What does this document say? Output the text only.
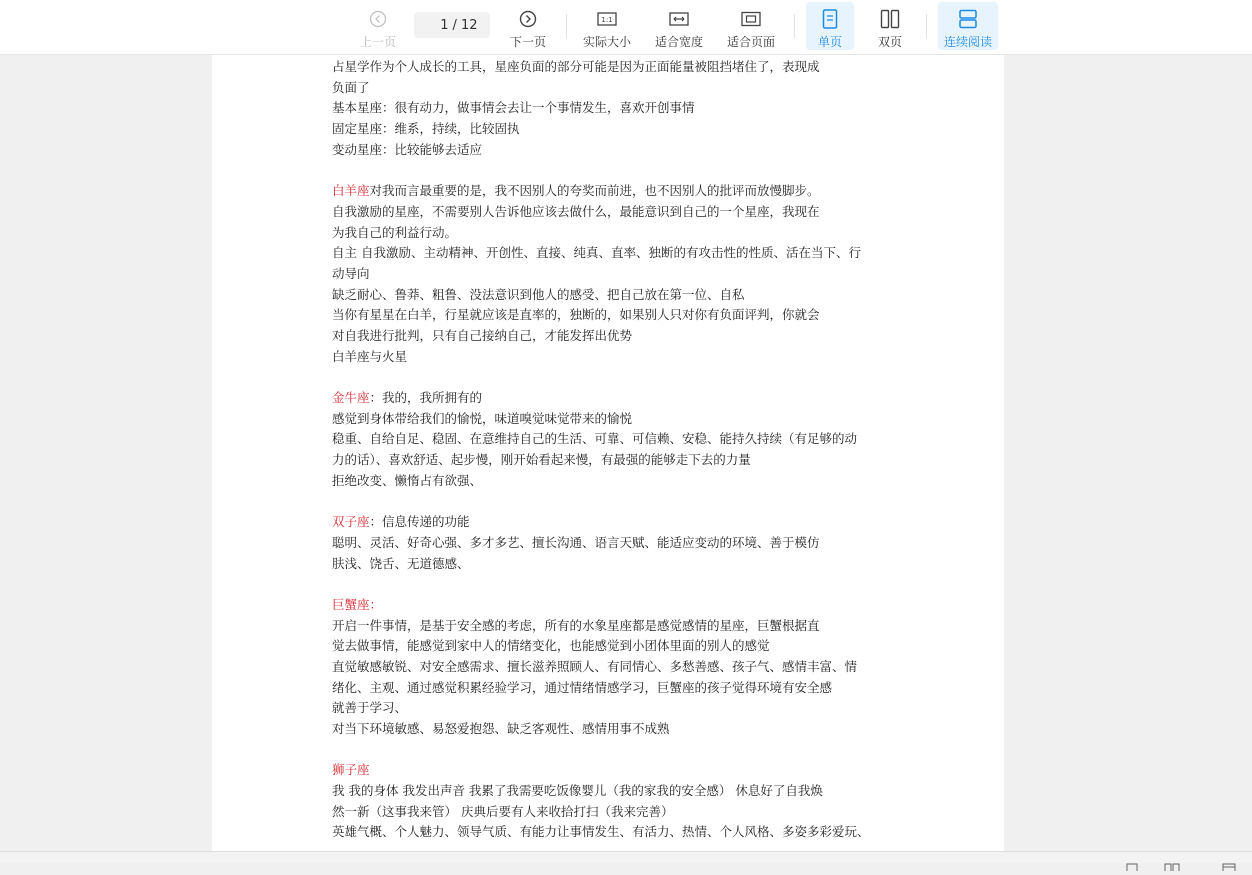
上一页
1
/ 12
下一页
1:1
实际大小 适合宽度 适合页面	单页	双页	连续阅读
占星学作为个人成长的工具，星座负面的部分可能是因为正面能量被阻挡堵住了，表现成
负面了
基本星座：很有动力，做事情会去让一个事情发生，喜欢开创事情
固定星座：维系，持续，比较固执
变动星座：比较能够去适应
白羊座对我而言最重要的是，我不因别人的夸奖而前进，也不因别人的批评而放慢脚步。
自我激励的星座，不需要别人告诉他应该去做什么，最能意识到自己的一个星座，我现在
为我自己的利益行动。
自主 自我激励、主动精神、开创性、直接、纯真、直率、独断的有攻击性的性质、活在当下、行
动导向
缺乏耐心、鲁莽、粗鲁、没法意识到他人的感受、把自己放在第一位、自私
当你有星星在白羊，行星就应该是直率的，独断的，如果别人只对你有负面评判，你就会
对自我进行批判，只有自己接纳自己，才能发挥出优势
白羊座与火星
金牛座：我的，我所拥有的
感觉到身体带给我们的愉悦，味道嗅觉味觉带来的愉悦
稳重、自给自足、稳固、在意维持自己的生活、可靠、可信赖、安稳、能持久持续（有足够的动
力的话）、喜欢舒适、起步慢，刚开始看起来慢，有最强的能够走下去的力量
拒绝改变、懒惰占有欲强、
双子座：信息传递的功能
聪明、灵活、好奇心强、多才多艺、擅长沟通、语言天赋、能适应变动的环境、善于模仿
肤浅、饶舌、无道德感、
巨蟹座：
开启一件事情，是基于安全感的考虑，所有的水象星座都是感觉感情的星座，巨蟹根据直
觉去做事情，能感觉到家中人的情绪变化，也能感觉到小团体里面的别人的感觉
直觉敏感敏锐、对安全感需求、擅长滋养照顾人、有同情心、多愁善感、孩子气、感情丰富、情
绪化、主观、通过感觉积累经验学习，通过情绪情感学习，巨蟹座的孩子觉得环境有安全感
就善于学习、
对当下环境敏感、易怒爱抱怨、缺乏客观性、感情用事不成熟
狮子座
我 我的身体 我发出声音 我累了我需要吃饭像婴儿（我的家我的安全感） 休息好了自我焕
然一新（这事我来管） 庆典后要有人来收拾打扫（我来完善）
英雄气概、个人魅力、领导气质、有能力让事情发生、有活力、热情、个人风格、多姿多彩爱玩、
